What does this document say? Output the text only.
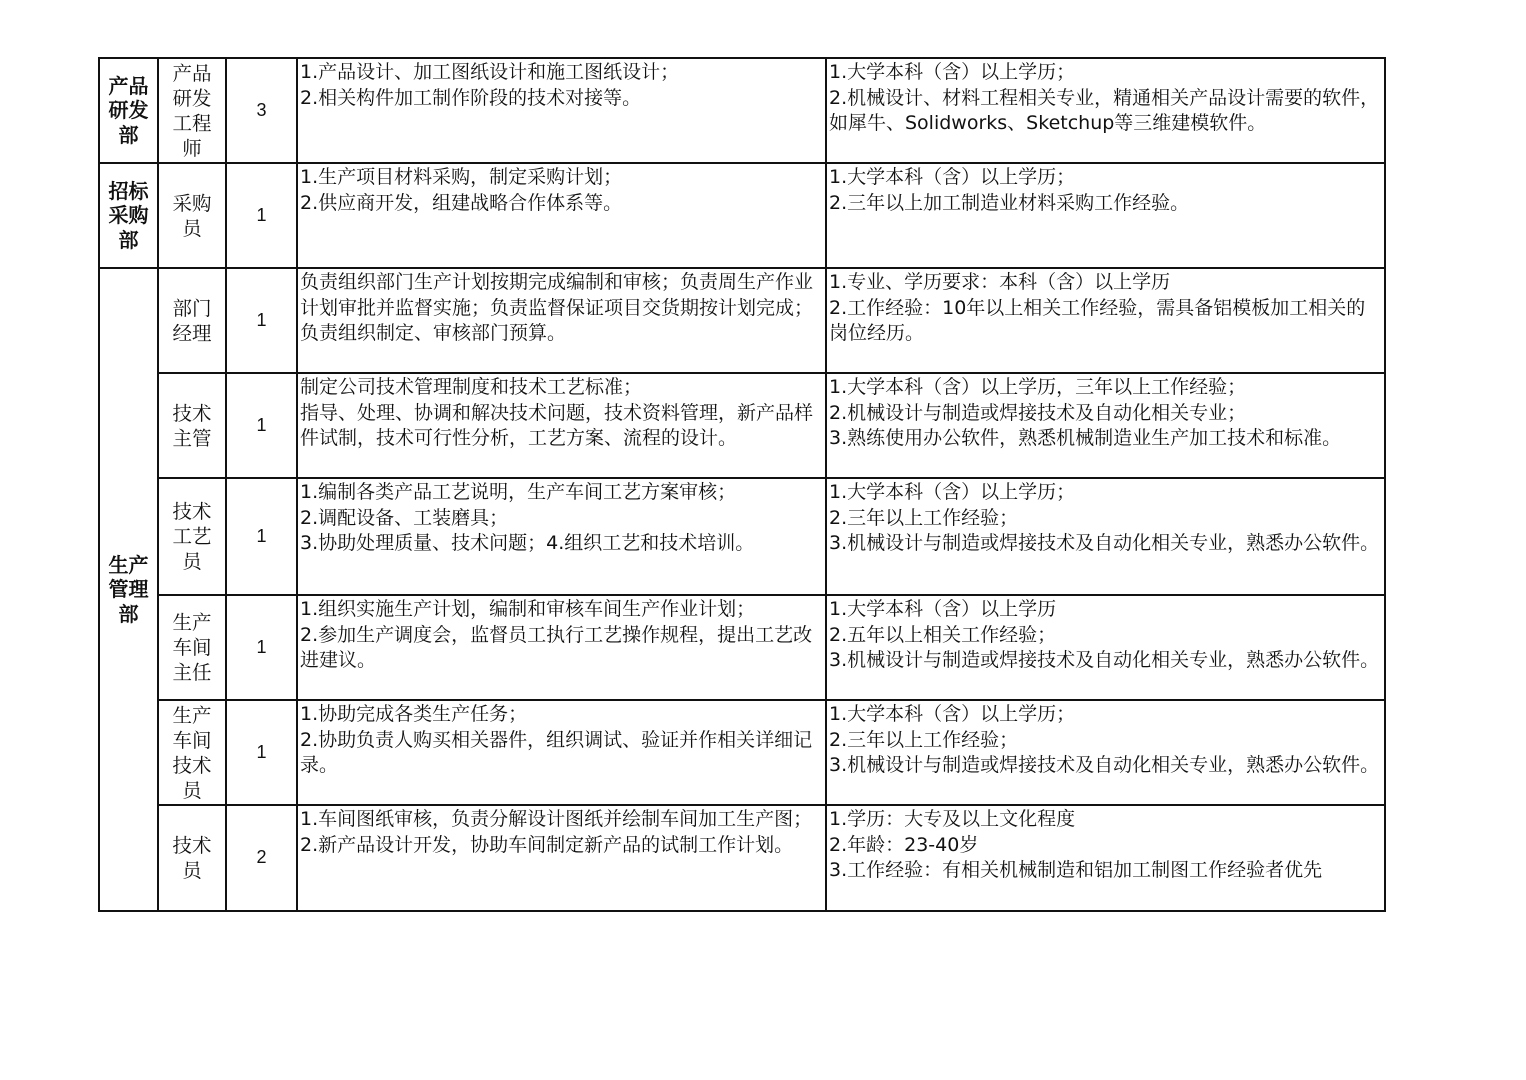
产品研发部	产品研发工程师	3	1.产品设计、加工图纸设计和施工图纸设计；
2.相关构件加工制作阶段的技术对接等。	1.大学本科（含）以上学历；
2.机械设计、材料工程相关专业，精通相关产品设计需要的软件，如犀牛、Solidworks、Sketchup等三维建模软件。

招标采购部	采购员	1	1.生产项目材料采购，制定采购计划；
2.供应商开发，组建战略合作体系等。	1.大学本科（含）以上学历；
2.三年以上加工制造业材料采购工作经验。

生产管理部	部门经理	1	负责组织部门生产计划按期完成编制和审核；负责周生产作业计划审批并监督实施；负责监督保证项目交货期按计划完成；负责组织制定、审核部门预算。	1.专业、学历要求：本科（含）以上学历
2.工作经验：10年以上相关工作经验，需具备铝模板加工相关的岗位经历。

	技术主管	1	制定公司技术管理制度和技术工艺标准；
指导、处理、协调和解决技术问题，技术资料管理，新产品样件试制，技术可行性分析，工艺方案、流程的设计。	1.大学本科（含）以上学历，三年以上工作经验；
2.机械设计与制造或焊接技术及自动化相关专业；
3.熟练使用办公软件，熟悉机械制造业生产加工技术和标准。

	技术工艺员	1	1.编制各类产品工艺说明，生产车间工艺方案审核；
2.调配设备、工装磨具；
3.协助处理质量、技术问题；4.组织工艺和技术培训。	1.大学本科（含）以上学历；
2.三年以上工作经验；
3.机械设计与制造或焊接技术及自动化相关专业，熟悉办公软件。

	生产车间主任	1	1.组织实施生产计划，编制和审核车间生产作业计划；
2.参加生产调度会，监督员工执行工艺操作规程，提出工艺改进建议。	1.大学本科（含）以上学历
2.五年以上相关工作经验；
3.机械设计与制造或焊接技术及自动化相关专业，熟悉办公软件。

	生产车间技术员	1	1.协助完成各类生产任务；
2.协助负责人购买相关器件，组织调试、验证并作相关详细记录。	1.大学本科（含）以上学历；
2.三年以上工作经验；
3.机械设计与制造或焊接技术及自动化相关专业，熟悉办公软件。

	技术员	2	1.车间图纸审核，负责分解设计图纸并绘制车间加工生产图；
2.新产品设计开发，协助车间制定新产品的试制工作计划。	1.学历：大专及以上文化程度
2.年龄：23-40岁
3.工作经验：有相关机械制造和铝加工制图工作经验者优先
